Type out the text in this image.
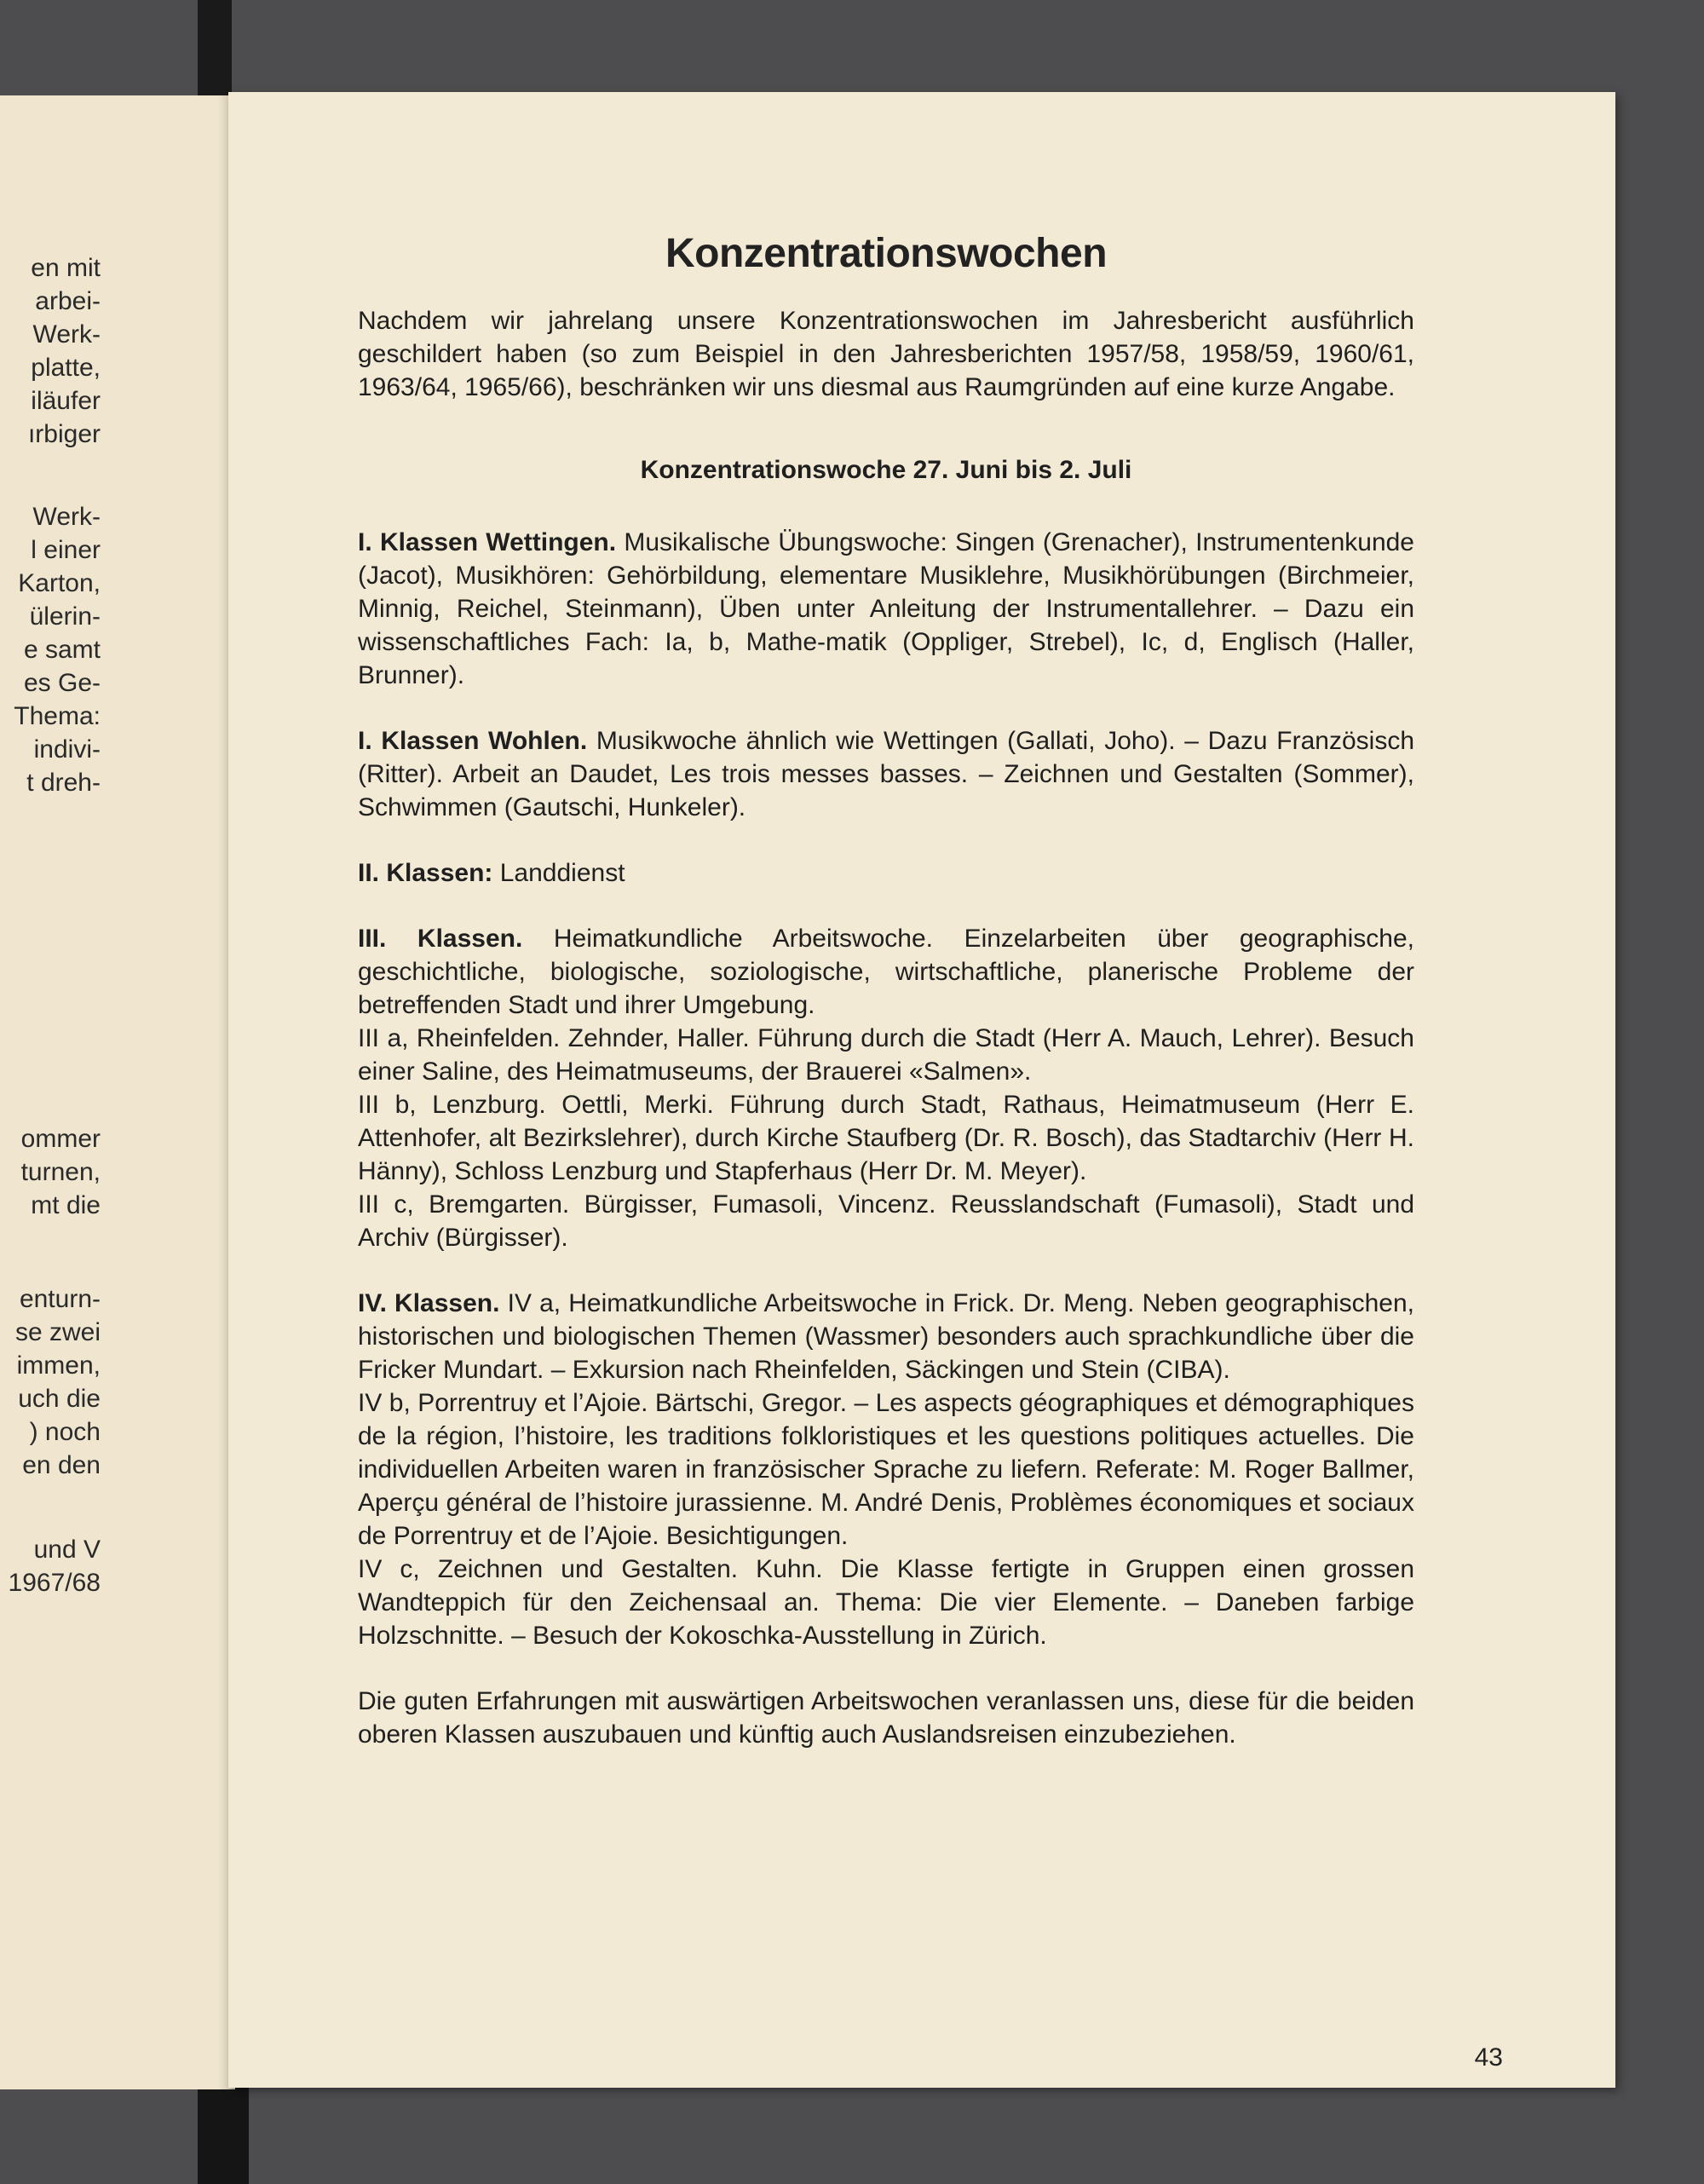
en mit
arbei-
Werk-
platte,
iläufer
ırbiger
Werk-
l einer
Karton,
ülerin-
e samt
es Ge-
Thema:
indivi-
t dreh-
ommer
turnen,
mt die
enturn-
se zwei
immen,
uch die
) noch
en den
und V
1967/68
Konzentrationswochen

Nachdem wir jahrelang unsere Konzentrationswochen im Jahresbericht ausführlich geschildert haben (so zum Beispiel in den Jahresberichten 1957/58, 1958/59, 1960/61, 1963/64, 1965/66), beschränken wir uns diesmal aus Raumgründen auf eine kurze Angabe.

Konzentrationswoche 27. Juni bis 2. Juli

I. Klassen Wettingen. Musikalische Übungswoche: Singen (Grenacher), Instrumentenkunde (Jacot), Musikhören: Gehörbildung, elementare Musiklehre, Musikhörübungen (Birchmeier, Minnig, Reichel, Steinmann), Üben unter Anleitung der Instrumentallehrer. – Dazu ein wissenschaftliches Fach: Ia, b, Mathe-matik (Oppliger, Strebel), Ic, d, Englisch (Haller, Brunner).

I. Klassen Wohlen. Musikwoche ähnlich wie Wettingen (Gallati, Joho). – Dazu Französisch (Ritter). Arbeit an Daudet, Les trois messes basses. – Zeichnen und Gestalten (Sommer), Schwimmen (Gautschi, Hunkeler).

II. Klassen: Landdienst

III. Klassen. Heimatkundliche Arbeitswoche. Einzelarbeiten über geographische, geschichtliche, biologische, soziologische, wirtschaftliche, planerische Probleme der betreffenden Stadt und ihrer Umgebung.

III a, Rheinfelden. Zehnder, Haller. Führung durch die Stadt (Herr A. Mauch, Lehrer). Besuch einer Saline, des Heimatmuseums, der Brauerei «Salmen».

III b, Lenzburg. Oettli, Merki. Führung durch Stadt, Rathaus, Heimatmuseum (Herr E. Attenhofer, alt Bezirkslehrer), durch Kirche Staufberg (Dr. R. Bosch), das Stadtarchiv (Herr H. Hänny), Schloss Lenzburg und Stapferhaus (Herr Dr. M. Meyer).

III c, Bremgarten. Bürgisser, Fumasoli, Vincenz. Reusslandschaft (Fumasoli), Stadt und Archiv (Bürgisser).

IV. Klassen. IV a, Heimatkundliche Arbeitswoche in Frick. Dr. Meng. Neben geographischen, historischen und biologischen Themen (Wassmer) besonders auch sprachkundliche über die Fricker Mundart. – Exkursion nach Rheinfelden, Säckingen und Stein (CIBA).

IV b, Porrentruy et l’Ajoie. Bärtschi, Gregor. – Les aspects géographiques et démographiques de la région, l’histoire, les traditions folkloristiques et les questions politiques actuelles. Die individuellen Arbeiten waren in französischer Sprache zu liefern. Referate: M. Roger Ballmer, Aperçu général de l’histoire jurassienne. M. André Denis, Problèmes économiques et sociaux de Porrentruy et de l’Ajoie. Besichtigungen.

IV c, Zeichnen und Gestalten. Kuhn. Die Klasse fertigte in Gruppen einen grossen Wandteppich für den Zeichensaal an. Thema: Die vier Elemente. – Daneben farbige Holzschnitte. – Besuch der Kokoschka-Ausstellung in Zürich.

Die guten Erfahrungen mit auswärtigen Arbeitswochen veranlassen uns, diese für die beiden oberen Klassen auszubauen und künftig auch Auslandsreisen einzubeziehen.

43
